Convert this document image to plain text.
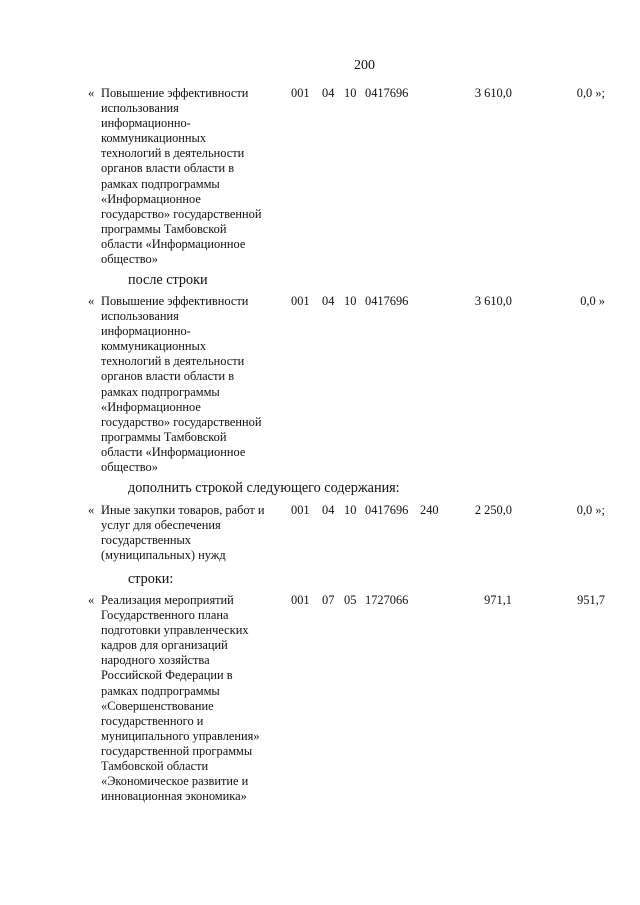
200
« Повышение эффективности
использования
информационно-
коммуникационных
технологий в деятельности
органов власти области в
рамках подпрограммы
«Информационное
государство» государственной
программы Тамбовской
области «Информационное
общество»
001 04 10 0417696	3 610,0	0,0 »;
после строки
« Повышение эффективности
использования
информационно-
коммуникационных
технологий в деятельности
органов власти области в
рамках подпрограммы
«Информационное
государство» государственной
программы Тамбовской
области «Информационное
общество»
001 04 10 0417696	3 610,0	0,0 »
дополнить строкой следующего содержания:
« Иные закупки товаров, работ и
услуг для обеспечения
государственных
(муниципальных) нужд
001 04 10 0417696 240	2 250,0	0,0 »;
строки:
« Реализация мероприятий
Государственного плана
подготовки управленческих
кадров для организаций
народного хозяйства
Российской Федерации в
рамках подпрограммы
«Совершенствование
государственного и
муниципального управления»
государственной программы
Тамбовской области
«Экономическое развитие и
инновационная экономика»
001 07 05 1727066	971,1	951,7
